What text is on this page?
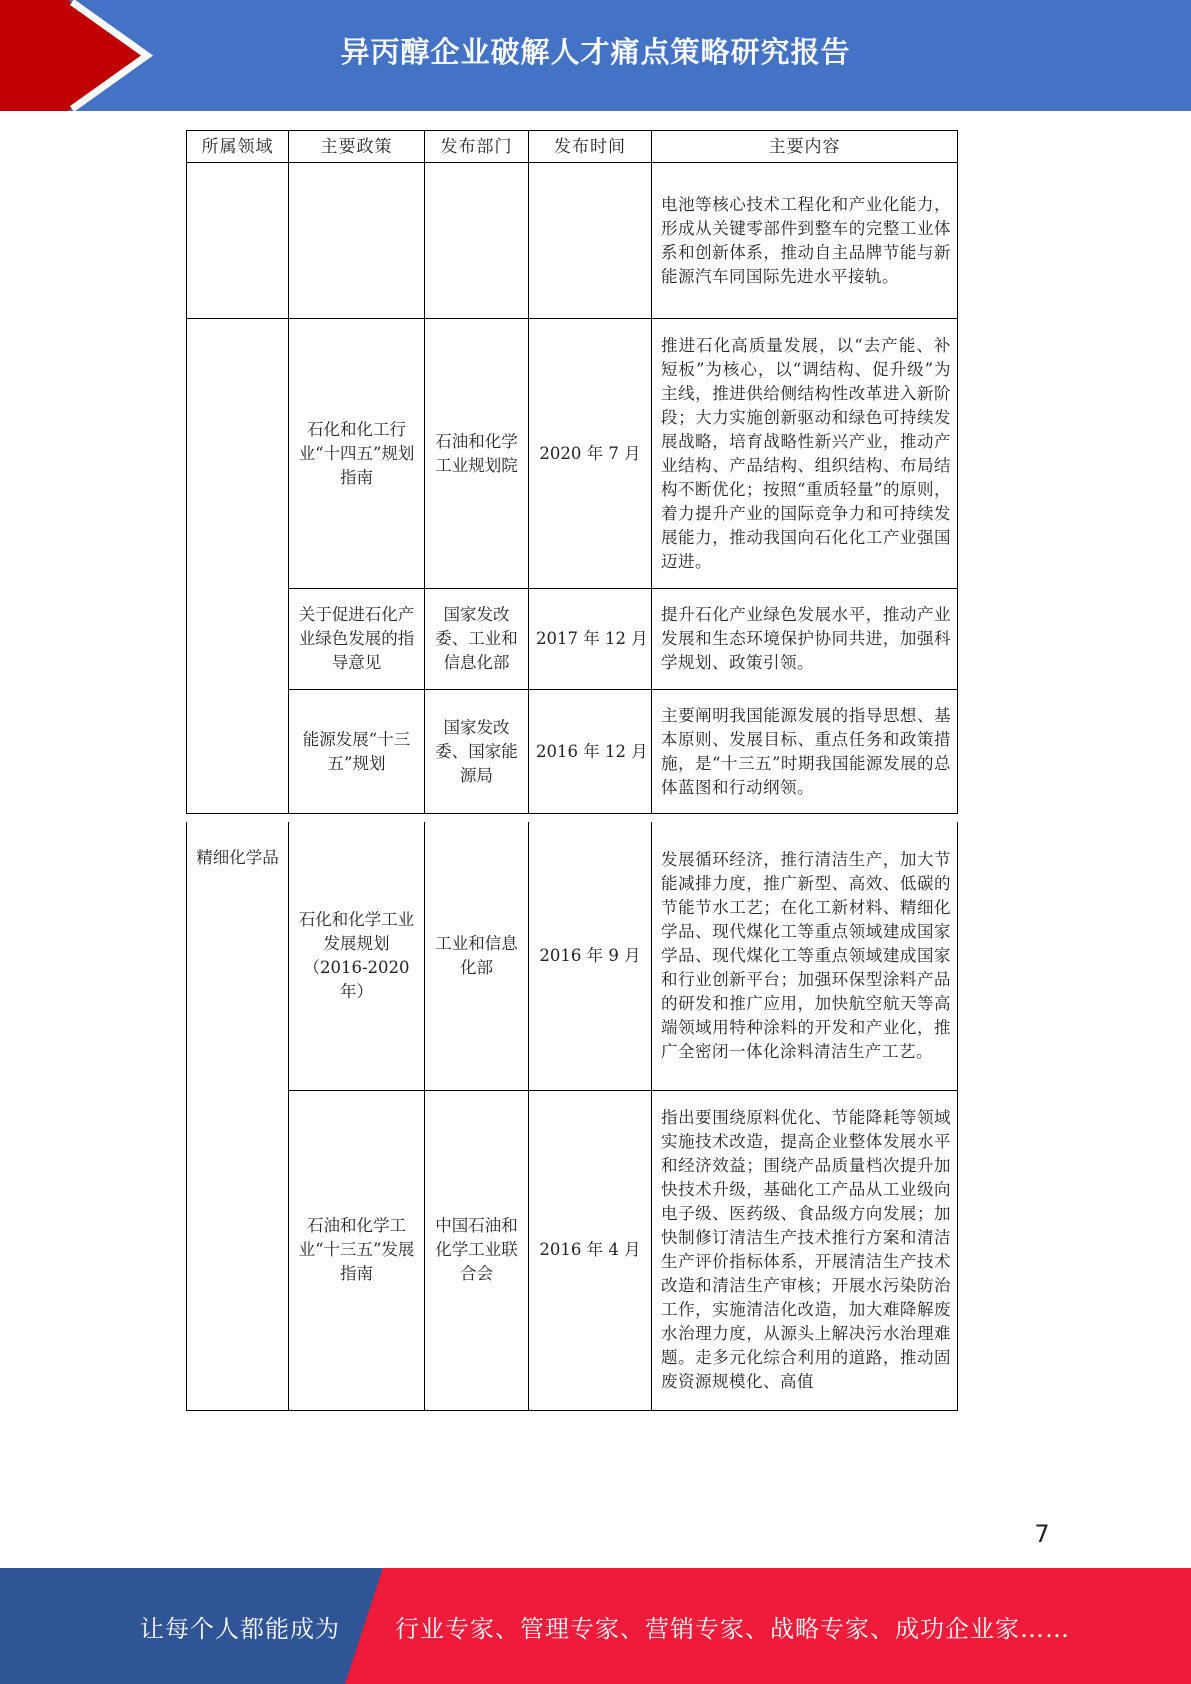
异丙醇企业破解人才痛点策略研究报告
所属领域	主要政策	发布部门	发布时间	主要内容
				电池等核心技术工程化和产业化能力，形成从关键零部件到整车的完整工业体系和创新体系，推动自主品牌节能与新能源汽车同国际先进水平接轨。
	石化和化工行业“十四五”规划指南	石油和化学工业规划院	2020 年 7 月	推进石化高质量发展，以“去产能、补短板”为核心，以“调结构、促升级”为主线，推进供给侧结构性改革进入新阶段；大力实施创新驱动和绿色可持续发展战略，培育战略性新兴产业，推动产业结构、产品结构、组织结构、布局结构不断优化；按照“重质轻量”的原则，着力提升产业的国际竞争力和可持续发展能力，推动我国向石化化工产业强国迈进。
	关于促进石化产业绿色发展的指导意见	国家发改委、工业和信息化部	2017 年 12 月	提升石化产业绿色发展水平，推动产业发展和生态环境保护协同共进，加强科学规划、政策引领。
	能源发展“十三五”规划	国家发改委、国家能源局	2016 年 12 月	主要阐明我国能源发展的指导思想、基本原则、发展目标、重点任务和政策措施，是“十三五”时期我国能源发展的总体蓝图和行动纲领。
精细化学品	石化和化学工业发展规划（2016-2020年）	工业和信息化部	2016 年 9 月	发展循环经济，推行清洁生产，加大节能减排力度，推广新型、高效、低碳的节能节水工艺；在化工新材料、精细化学品、现代煤化工等重点领域建成国家学品、现代煤化工等重点领域建成国家和行业创新平台；加强环保型涂料产品的研发和推广应用，加快航空航天等高端领域用特种涂料的开发和产业化，推广全密闭一体化涂料清洁生产工艺。
	石油和化学工业“十三五”发展指南	中国石油和化学工业联合会	2016 年 4 月	指出要围绕原料优化、节能降耗等领域实施技术改造，提高企业整体发展水平和经济效益；围绕产品质量档次提升加快技术升级，基础化工产品从工业级向电子级、医药级、食品级方向发展；加快制修订清洁生产技术推行方案和清洁生产评价指标体系，开展清洁生产技术改造和清洁生产审核；开展水污染防治工作，实施清洁化改造，加大难降解废水治理力度，从源头上解决污水治理难题。走多元化综合利用的道路，推动固废资源规模化、高值
7
让每个人都能成为	行业专家、管理专家、营销专家、战略专家、成功企业家……
